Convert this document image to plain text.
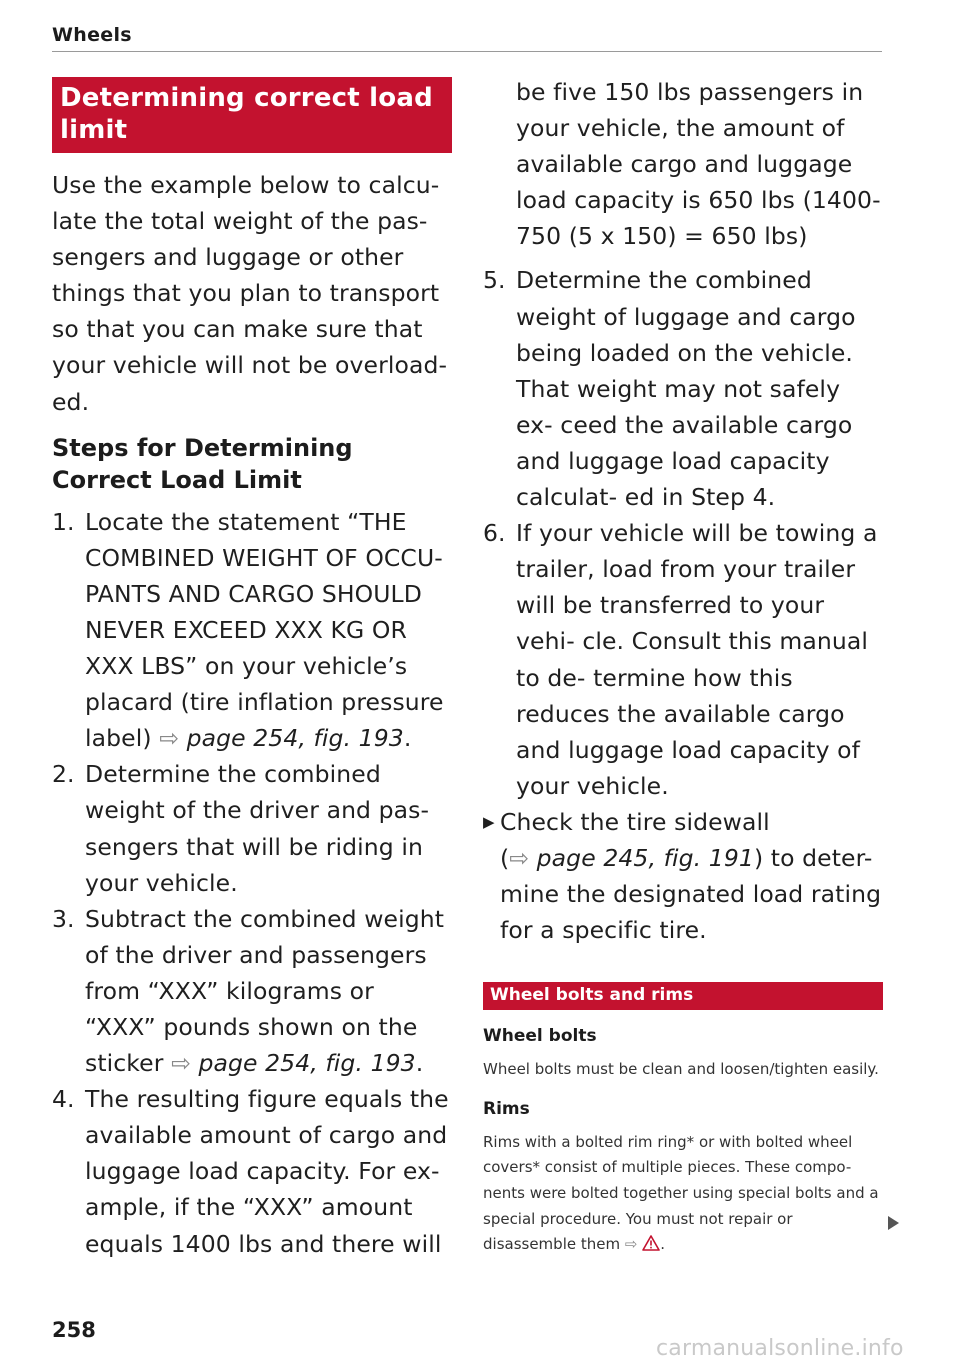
Wheels
Determining correct load limit
Use the example below to calcu- late the total weight of the pas- sengers and luggage or other things that you plan to transport so that you can make sure that your vehicle will not be overload- ed.
Steps for Determining Correct Load Limit
1. Locate the statement “THE COMBINED WEIGHT OF OCCU- PANTS AND CARGO SHOULD NEVER EXCEED XXX KG OR XXX LBS” on your vehicle’s placard (tire inflation pressure label) ⇨ page 254, fig. 193.
2. Determine the combined weight of the driver and pas- sengers that will be riding in your vehicle.
3. Subtract the combined weight of the driver and passengers from “XXX” kilograms or “XXX” pounds shown on the sticker ⇨ page 254, fig. 193.
4. The resulting figure equals the available amount of cargo and luggage load capacity. For ex- ample, if the “XXX” amount equals 1400 lbs and there will
be five 150 lbs passengers in your vehicle, the amount of available cargo and luggage load capacity is 650 lbs (1400-750 (5 x 150) = 650 lbs)
5. Determine the combined weight of luggage and cargo being loaded on the vehicle. That weight may not safely ex- ceed the available cargo and luggage load capacity calculat- ed in Step 4.
6. If your vehicle will be towing a trailer, load from your trailer will be transferred to your vehi- cle. Consult this manual to de- termine how this reduces the available cargo and luggage load capacity of your vehicle.
▶ Check the tire sidewall
(⇨ page 245, fig. 191) to deter- mine the designated load rating for a specific tire.
Wheel bolts and rims
Wheel bolts
Wheel bolts must be clean and loosen/tighten easily.
Rims
Rims with a bolted rim ring* or with bolted wheel covers* consist of multiple pieces. These compo- nents were bolted together using special bolts and a special procedure. You must not repair or disassemble them ⇨ .
258
carmanualsonline.info
